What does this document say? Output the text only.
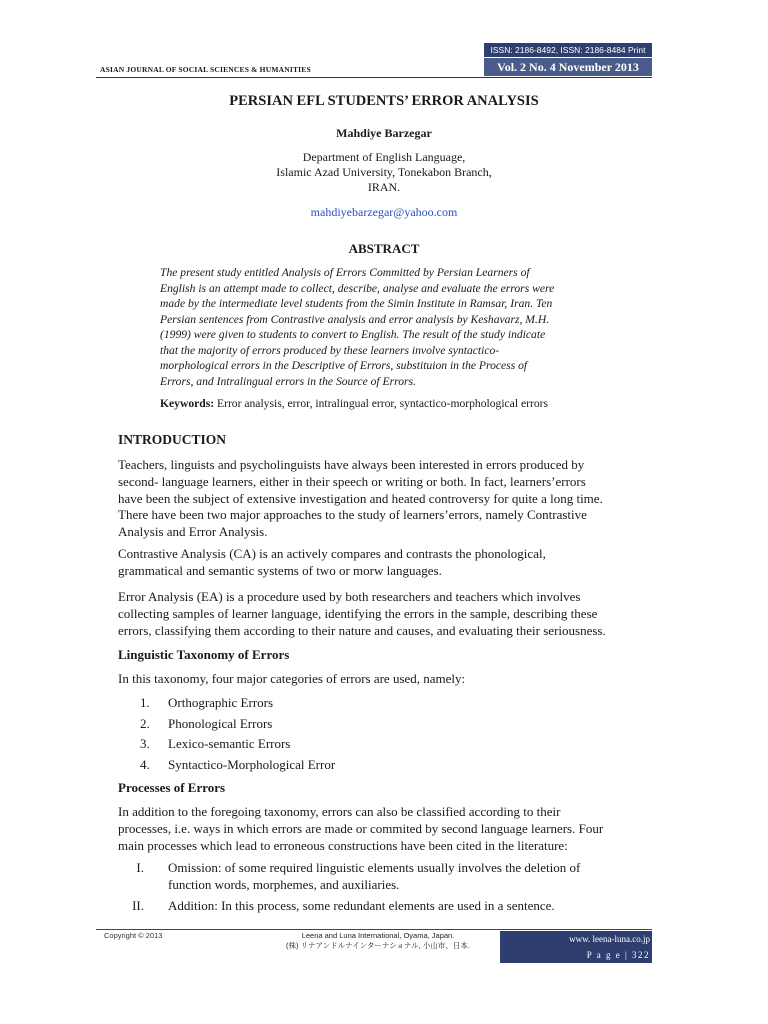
ASIAN JOURNAL OF SOCIAL SCIENCES & HUMANITIES
ISSN: 2186-8492, ISSN: 2186-8484 Print
Vol. 2 No. 4 November 2013
PERSIAN EFL STUDENTS’ ERROR ANALYSIS
Mahdiye Barzegar
Department of English Language,
Islamic Azad University, Tonekabon Branch,
IRAN.
mahdiyebarzegar@yahoo.com
ABSTRACT
The present study entitled Analysis of Errors Committed by Persian Learners of
English is an attempt made to collect, describe, analyse and evaluate the errors were
made by the intermediate level students from the Simin Institute in Ramsar, Iran. Ten
Persian sentences from Contrastive analysis and error analysis by Keshavarz, M.H.
(1999) were given to students to convert to English. The result of the study indicate
that the majority of errors produced by these learners involve syntactico-
morphological errors in the Descriptive of Errors, substituion in the Process of
Errors, and Intralingual errors in the Source of Errors.
Keywords: Error analysis, error, intralingual error, syntactico-morphological errors
INTRODUCTION
Teachers, linguists and psycholinguists have always been interested in errors produced by
second- language learners, either in their speech or writing or both. In fact, learners’errors
have been the subject of extensive investigation and heated controversy for quite a long time.
There have been two major approaches to the study of learners’errors, namely Contrastive
Analysis and Error Analysis.
Contrastive Analysis (CA) is an actively compares and contrasts the phonological,
grammatical and semantic systems of two or morw languages.
Error Analysis (EA) is a procedure used by both researchers and teachers which involves
collecting samples of learner language, identifying the errors in the sample, describing these
errors, classifying them according to their nature and causes, and evaluating their seriousness.
Linguistic Taxonomy of Errors
In this taxonomy, four major categories of errors are used, namely:
1. Orthographic Errors
2. Phonological Errors
3. Lexico-semantic Errors
4. Syntactico-Morphological Error
Processes of Errors
In addition to the foregoing taxonomy, errors can also be classified according to their
processes, i.e. ways in which errors are made or commited by second language learners. Four
main processes which lead to erroneous constructions have been cited in the literature:
I. Omission: of some required linguistic elements usually involves the deletion of
function words, morphemes, and auxiliaries.
II. Addition: In this process, some redundant elements are used in a sentence.
Copyright © 2013	Leena and Luna International, Oyama, Japan.
(株) リナアンドルナインターナショナル, 小山市、日本.
www. leena-luna.co.jp
P a g e | 322
